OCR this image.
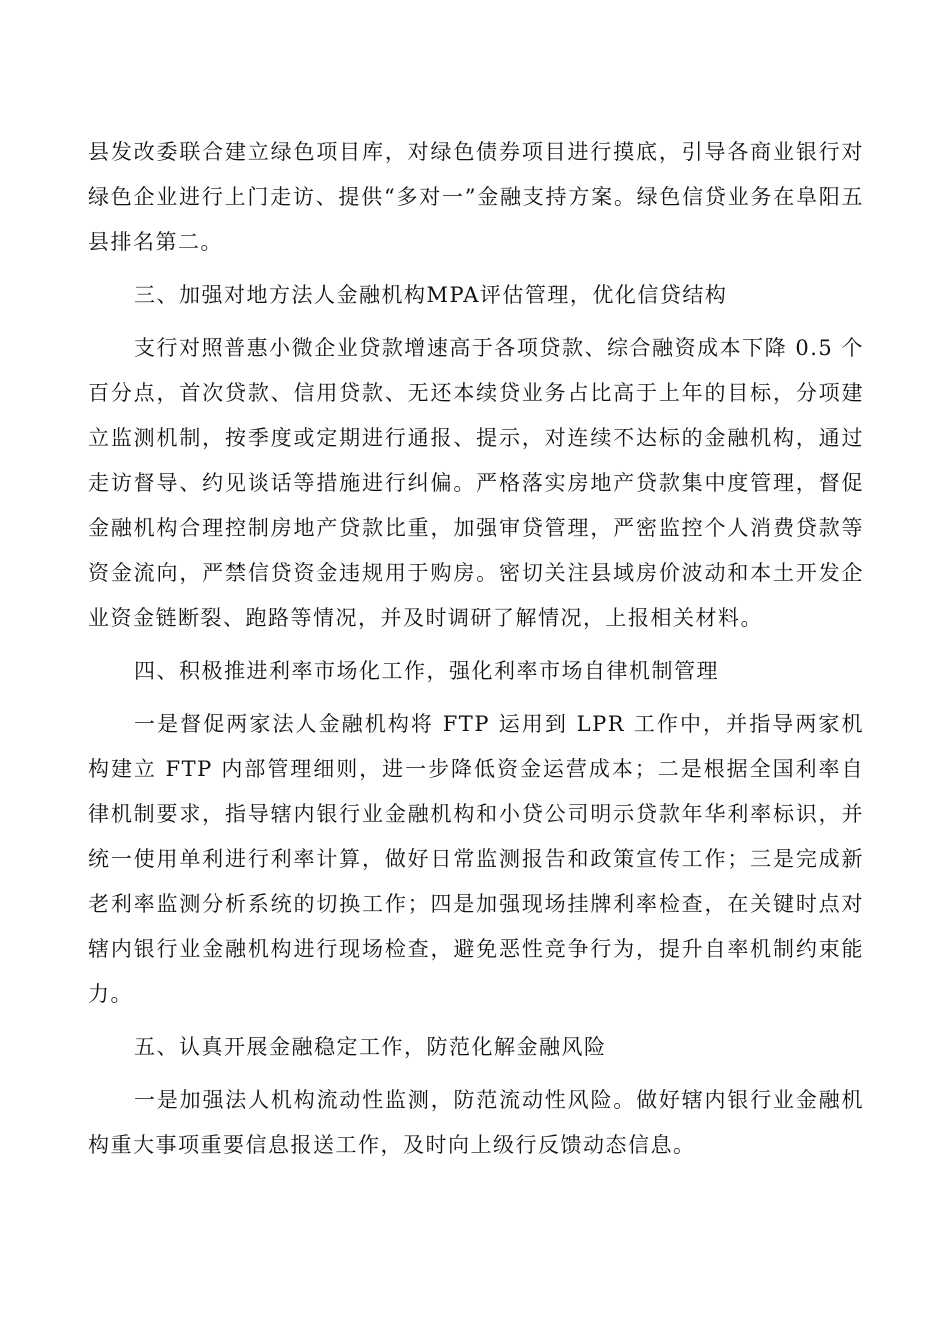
县发改委联合建立绿色项目库，对绿色债券项目进行摸底，引导各商业银行对绿色企业进行上门走访、提供“多对一”金融支持方案。绿色信贷业务在阜阳五县排名第二。

三、加强对地方法人金融机构MPA评估管理，优化信贷结构

支行对照普惠小微企业贷款增速高于各项贷款、综合融资成本下降 0.5 个百分点，首次贷款、信用贷款、无还本续贷业务占比高于上年的目标，分项建立监测机制，按季度或定期进行通报、提示，对连续不达标的金融机构，通过走访督导、约见谈话等措施进行纠偏。严格落实房地产贷款集中度管理，督促金融机构合理控制房地产贷款比重，加强审贷管理，严密监控个人消费贷款等资金流向，严禁信贷资金违规用于购房。密切关注县域房价波动和本土开发企业资金链断裂、跑路等情况，并及时调研了解情况，上报相关材料。

四、积极推进利率市场化工作，强化利率市场自律机制管理

一是督促两家法人金融机构将 FTP 运用到 LPR 工作中，并指导两家机构建立 FTP 内部管理细则，进一步降低资金运营成本；二是根据全国利率自律机制要求，指导辖内银行业金融机构和小贷公司明示贷款年华利率标识，并统一使用单利进行利率计算，做好日常监测报告和政策宣传工作；三是完成新老利率监测分析系统的切换工作；四是加强现场挂牌利率检查，在关键时点对辖内银行业金融机构进行现场检查，避免恶性竞争行为，提升自率机制约束能力。

五、认真开展金融稳定工作，防范化解金融风险

一是加强法人机构流动性监测，防范流动性风险。做好辖内银行业金融机构重大事项重要信息报送工作，及时向上级行反馈动态信息。
